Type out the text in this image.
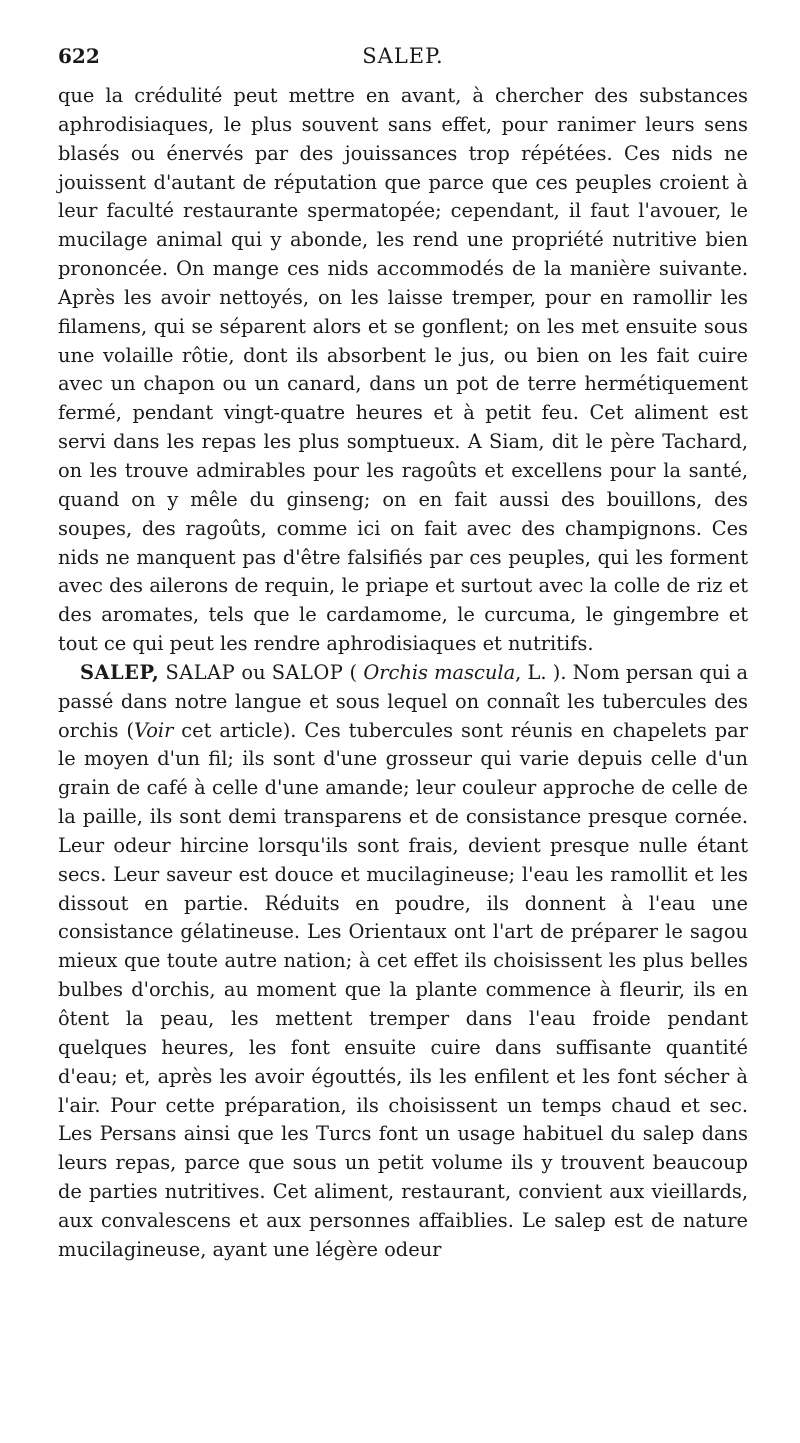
622	SALEP.

que la crédulité peut mettre en avant, à chercher des substances aphrodisiaques, le plus souvent sans effet, pour ranimer leurs sens blasés ou énervés par des jouissances trop répétées. Ces nids ne jouissent d'autant de réputation que parce que ces peuples croient à leur faculté restaurante spermatopée; cependant, il faut l'avouer, le mucilage animal qui y abonde, les rend une propriété nutritive bien prononcée. On mange ces nids accommodés de la manière suivante. Après les avoir nettoyés, on les laisse tremper, pour en ramollir les filamens, qui se séparent alors et se gonflent; on les met ensuite sous une volaille rôtie, dont ils absorbent le jus, ou bien on les fait cuire avec un chapon ou un canard, dans un pot de terre hermétiquement fermé, pendant vingt-quatre heures et à petit feu. Cet aliment est servi dans les repas les plus somptueux. A Siam, dit le père Tachard, on les trouve admirables pour les ragoûts et excellens pour la santé, quand on y mêle du ginseng; on en fait aussi des bouillons, des soupes, des ragoûts, comme ici on fait avec des champignons. Ces nids ne manquent pas d'être falsifiés par ces peuples, qui les forment avec des ailerons de requin, le priape et surtout avec la colle de riz et des aromates, tels que le cardamome, le curcuma, le gingembre et tout ce qui peut les rendre aphrodisiaques et nutritifs.

SALEP, SALAP ou SALOP ( Orchis mascula, L. ). Nom persan qui a passé dans notre langue et sous lequel on connaît les tubercules des orchis (Voir cet article). Ces tubercules sont réunis en chapelets par le moyen d'un fil; ils sont d'une grosseur qui varie depuis celle d'un grain de café à celle d'une amande; leur couleur approche de celle de la paille, ils sont demi transparens et de consistance presque cornée. Leur odeur hircine lorsqu'ils sont frais, devient presque nulle étant secs. Leur saveur est douce et mucilagineuse; l'eau les ramollit et les dissout en partie. Réduits en poudre, ils donnent à l'eau une consistance gélatineuse. Les Orientaux ont l'art de préparer le sagou mieux que toute autre nation; à cet effet ils choisissent les plus belles bulbes d'orchis, au moment que la plante commence à fleurir, ils en ôtent la peau, les mettent tremper dans l'eau froide pendant quelques heures, les font ensuite cuire dans suffisante quantité d'eau; et, après les avoir égouttés, ils les enfilent et les font sécher à l'air. Pour cette préparation, ils choisissent un temps chaud et sec. Les Persans ainsi que les Turcs font un usage habituel du salep dans leurs repas, parce que sous un petit volume ils y trouvent beaucoup de parties nutritives. Cet aliment, restaurant, convient aux vieillards, aux convalescens et aux personnes affaiblies. Le salep est de nature mucilagineuse, ayant une légère odeur
